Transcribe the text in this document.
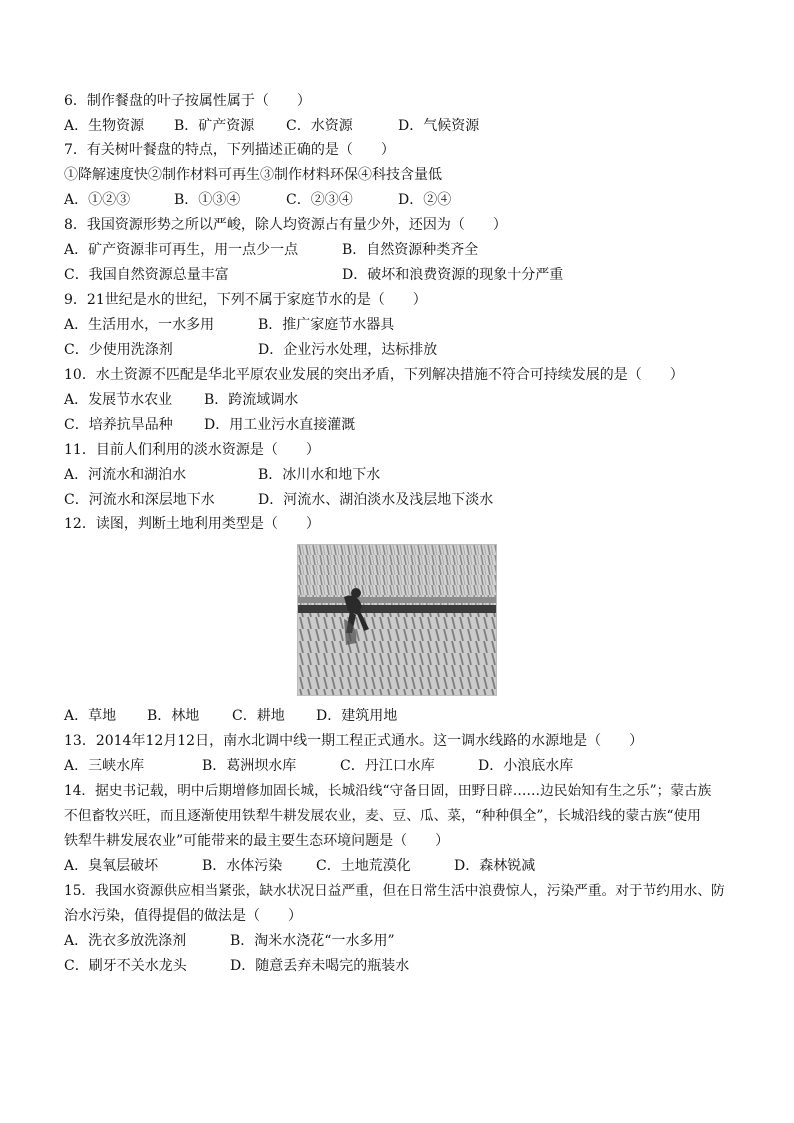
6．制作餐盘的叶子按属性属于（　　）
A．生物资源 B．矿产资源 C．水资源	D．气候资源
7．有关树叶餐盘的特点，下列描述正确的是（　　）
①降解速度快②制作材料可再生③制作材料环保④科技含量低
A．①②③	B．①③④	C．②③④	D．②④
8．我国资源形势之所以严峻，除人均资源占有量少外，还因为（　　）
A．矿产资源非可再生，用一点少一点	B．自然资源种类齐全
C．我国自然资源总量丰富	D．破坏和浪费资源的现象十分严重
9．21世纪是水的世纪，下列不属于家庭节水的是（　　）
A．生活用水，一水多用	B．推广家庭节水器具
C．少使用洗涤剂	D．企业污水处理，达标排放
10．水土资源不匹配是华北平原农业发展的突出矛盾，下列解决措施不符合可持续发展的是（　　）
A．发展节水农业 B．跨流域调水
C．培养抗旱品种 D．用工业污水直接灌溉
11．目前人们利用的淡水资源是（　　）
A．河流水和湖泊水	B．冰川水和地下水
C．河流水和深层地下水	D．河流水、湖泊淡水及浅层地下淡水
12．读图，判断土地利用类型是（　　）
A．草地 B．林地 C．耕地 D．建筑用地
13．2014年12月12日，南水北调中线一期工程正式通水。这一调水线路的水源地是（　　）
A．三峡水库	B．葛洲坝水库	C．丹江口水库	D．小浪底水库
14．据史书记载，明中后期增修加固长城，长城沿线“守备日固，田野日辟……边民始知有生之乐”；蒙古族
不但畜牧兴旺，而且逐渐使用铁犁牛耕发展农业，麦、豆、瓜、菜，“种种俱全”，长城沿线的蒙古族“使用
铁犁牛耕发展农业”可能带来的最主要生态环境问题是（　　）
A．臭氧层破坏	B．水体污染 C．土地荒漠化	D．森林锐减
15．我国水资源供应相当紧张，缺水状况日益严重，但在日常生活中浪费惊人，污染严重。对于节约用水、防
治水污染，值得提倡的做法是（　　）
A．洗衣多放洗涤剂	B．淘米水浇花“一水多用”
C．刷牙不关水龙头	D．随意丢弃未喝完的瓶装水
